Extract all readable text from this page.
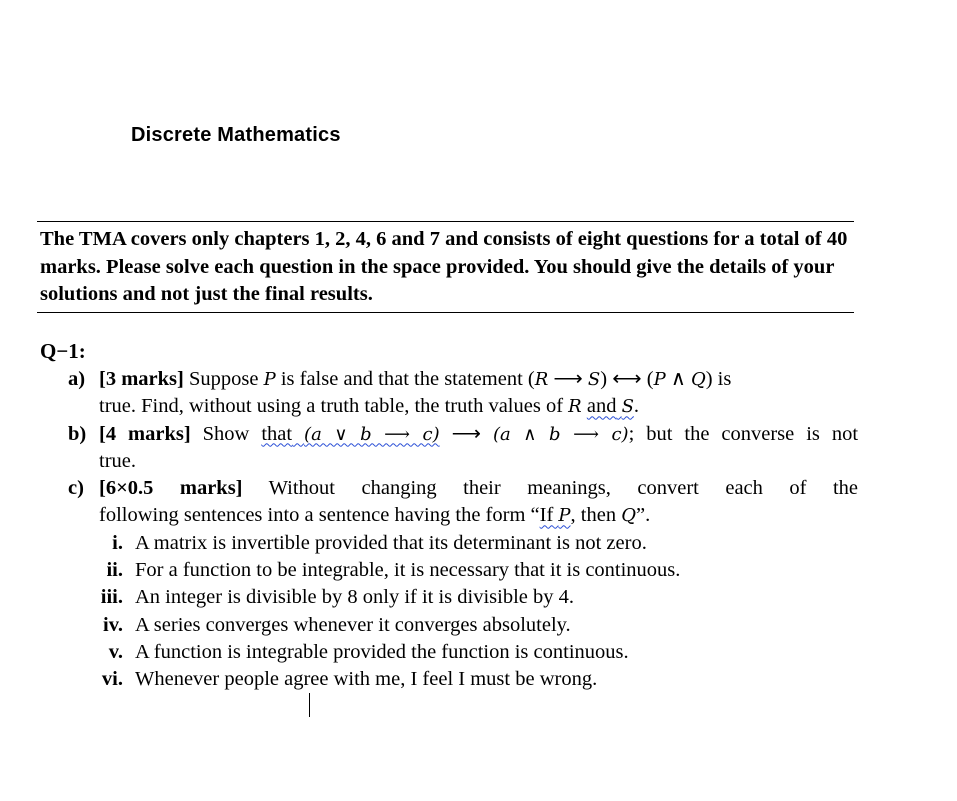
Discrete Mathematics
The TMA covers only chapters 1, 2, 4, 6 and 7 and consists of eight questions for a total of 40 marks. Please solve each question in the space provided. You should give the details of your solutions and not just the final results.
Q−1:
a) [3 marks] Suppose P is false and that the statement (R ⟶ S) ⟷ (P ∧ Q) is
true. Find, without using a truth table, the truth values of R and S.
b) [4 marks] Show that (a ∨ b ⟶ c) ⟶ (a ∧ b ⟶ c); but the converse is not
true.
c) [6×0.5 marks] Without changing their meanings, convert each of the
following sentences into a sentence having the form “If P, then Q”.
i. A matrix is invertible provided that its determinant is not zero.
ii. For a function to be integrable, it is necessary that it is continuous.
iii. An integer is divisible by 8 only if it is divisible by 4.
iv. A series converges whenever it converges absolutely.
v. A function is integrable provided the function is continuous.
vi. Whenever people agree with me, I feel I must be wrong.
